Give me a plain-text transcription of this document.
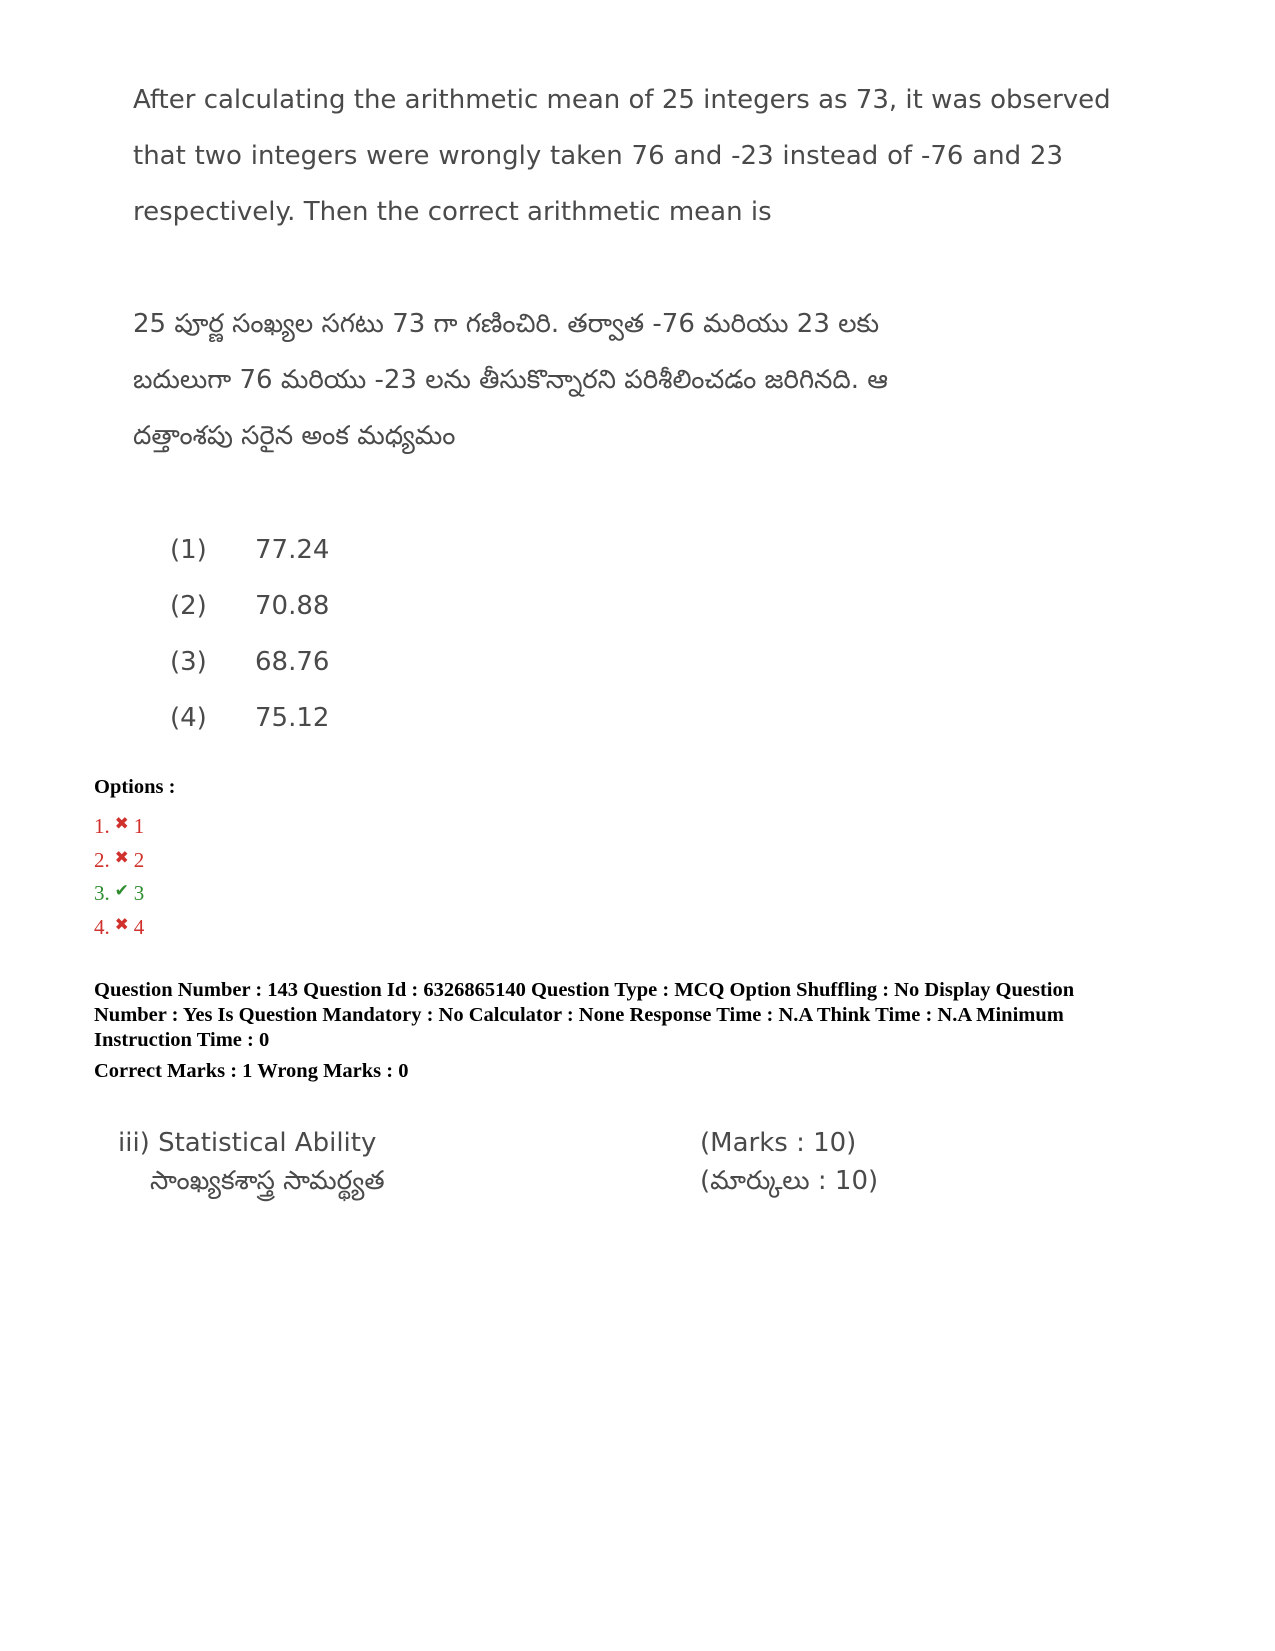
After calculating the arithmetic mean of 25 integers as 73, it was observed
that two integers were wrongly taken 76 and -23 instead of -76 and 23
respectively. Then the correct arithmetic mean is
25 పూర్ణ సంఖ్యల సగటు 73 గా గణించిరి. తర్వాత -76 మరియు 23 లకు
బదులుగా 76 మరియు -23 లను తీసుకొన్నారని పరిశీలించడం జరిగినది. ఆ
దత్తాంశపు సరైన అంక మధ్యమం
(1)	77.24
(2)	70.88
(3)	68.76
(4)	75.12
Options :
1. ✖ 1
2. ✖ 2
3. ✔ 3
4. ✖ 4
Question Number : 143 Question Id : 6326865140 Question Type : MCQ Option Shuffling : No Display Question
Number : Yes Is Question Mandatory : No Calculator : None Response Time : N.A Think Time : N.A Minimum
Instruction Time : 0
Correct Marks : 1 Wrong Marks : 0
iii) Statistical Ability	(Marks : 10)
సాంఖ్యకశాస్త్ర సామర్థ్యత	(మార్కులు : 10)
